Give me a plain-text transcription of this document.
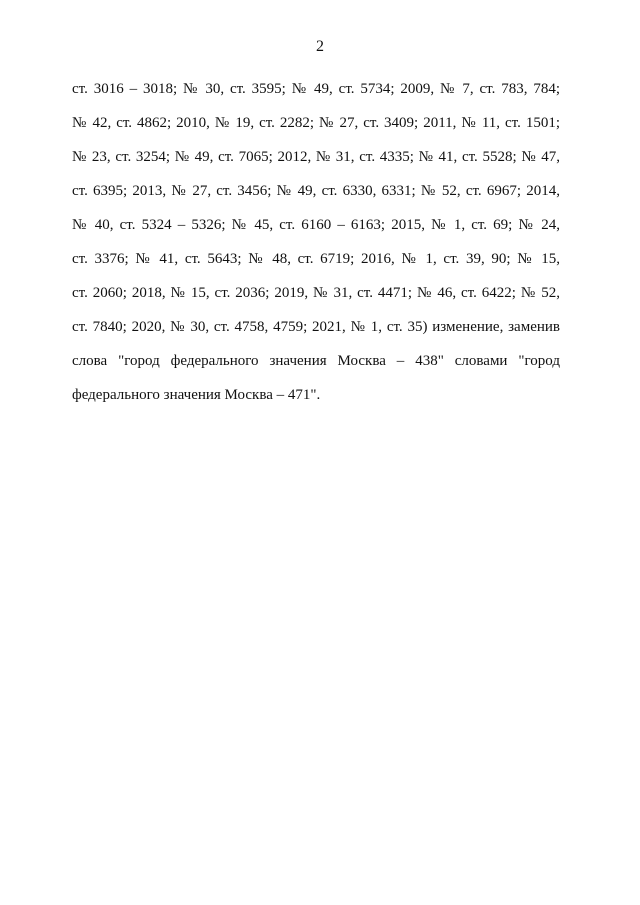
2
ст. 3016 – 3018; № 30, ст. 3595; № 49, ст. 5734; 2009, № 7, ст. 783, 784;
№ 42, ст. 4862; 2010, № 19, ст. 2282; № 27, ст. 3409; 2011, № 11, ст. 1501;
№ 23, ст. 3254; № 49, ст. 7065; 2012, № 31, ст. 4335; № 41, ст. 5528; № 47,
ст. 6395; 2013, № 27, ст. 3456; № 49, ст. 6330, 6331; № 52, ст. 6967; 2014,
№ 40, ст. 5324 – 5326; № 45, ст. 6160 – 6163; 2015, № 1, ст. 69; № 24,
ст. 3376; № 41, ст. 5643; № 48, ст. 6719; 2016, № 1, ст. 39, 90; № 15,
ст. 2060; 2018, № 15, ст. 2036; 2019, № 31, ст. 4471; № 46, ст. 6422; № 52,
ст. 7840; 2020, № 30, ст. 4758, 4759; 2021, № 1, ст. 35) изменение, заменив
слова "город федерального значения Москва – 438" словами "город
федерального значения Москва – 471".
